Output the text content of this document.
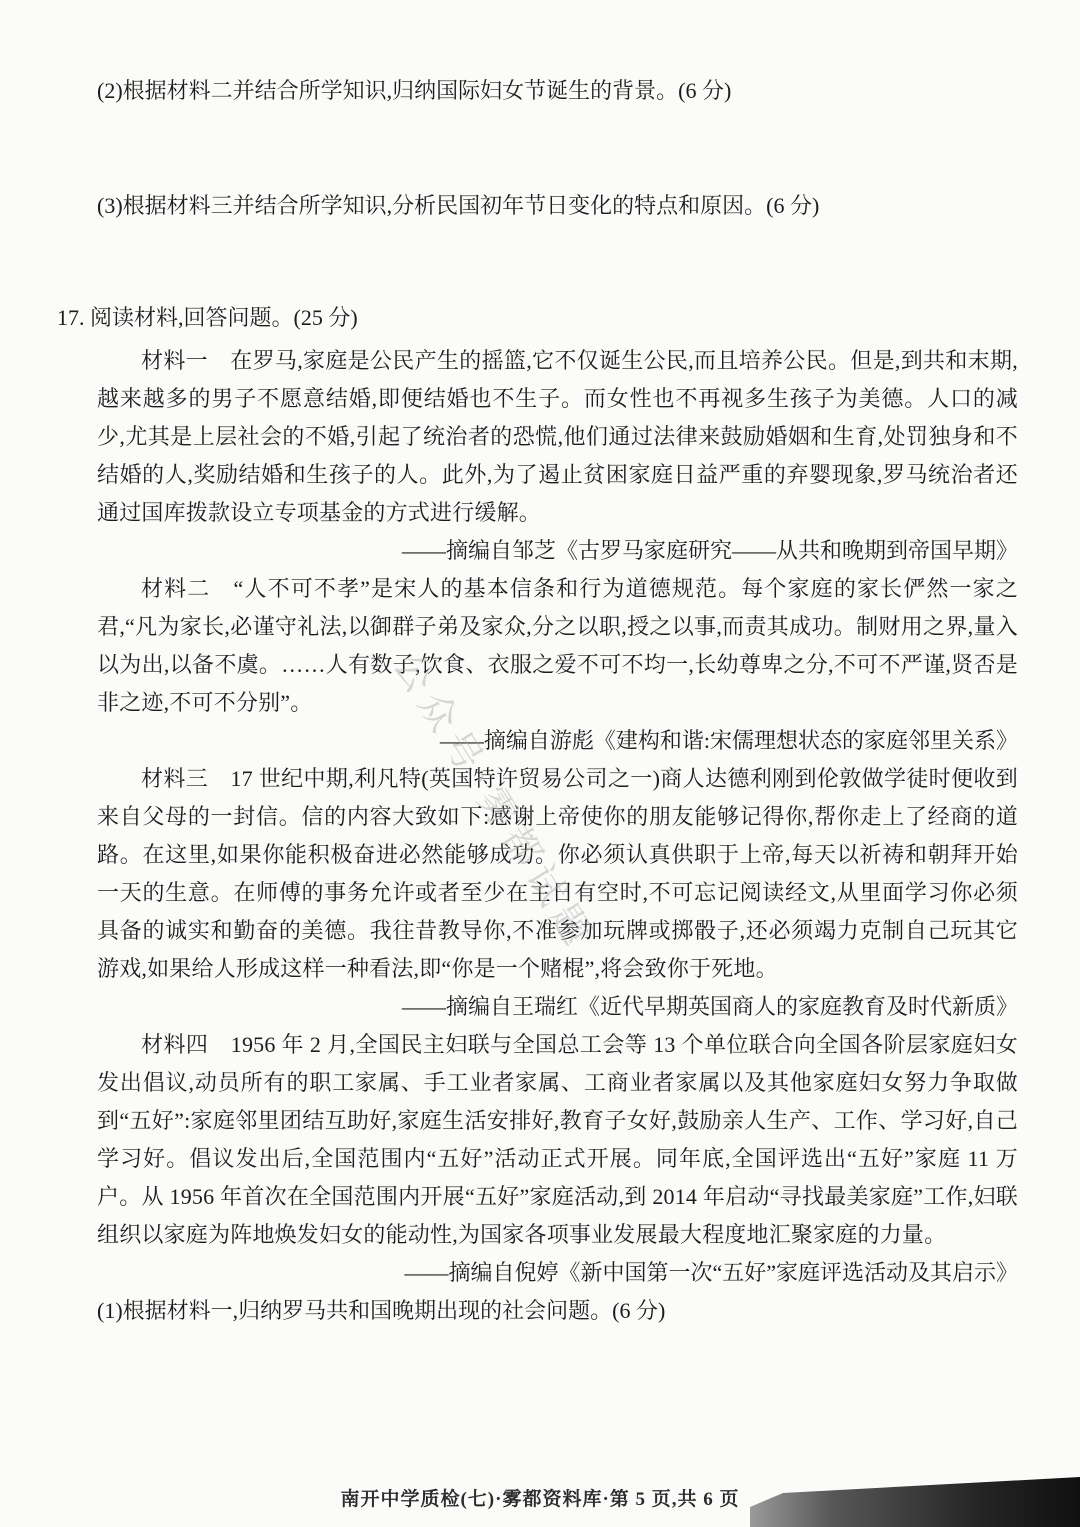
公众号·雾都试题

(2)根据材料二并结合所学知识,归纳国际妇女节诞生的背景。(6 分)

(3)根据材料三并结合所学知识,分析民国初年节日变化的特点和原因。(6 分)

17. 阅读材料,回答问题。(25 分)

材料一　在罗马,家庭是公民产生的摇篮,它不仅诞生公民,而且培养公民。但是,到共和末期,越来越多的男子不愿意结婚,即便结婚也不生子。而女性也不再视多生孩子为美德。人口的减少,尤其是上层社会的不婚,引起了统治者的恐慌,他们通过法律来鼓励婚姻和生育,处罚独身和不结婚的人,奖励结婚和生孩子的人。此外,为了遏止贫困家庭日益严重的弃婴现象,罗马统治者还通过国库拨款设立专项基金的方式进行缓解。

——摘编自邹芝《古罗马家庭研究——从共和晚期到帝国早期》

材料二　“人不可不孝”是宋人的基本信条和行为道德规范。每个家庭的家长俨然一家之君,“凡为家长,必谨守礼法,以御群子弟及家众,分之以职,授之以事,而责其成功。制财用之界,量入以为出,以备不虞。……人有数子,饮食、衣服之爱不可不均一,长幼尊卑之分,不可不严谨,贤否是非之迹,不可不分别”。

——摘编自游彪《建构和谐:宋儒理想状态的家庭邻里关系》

材料三　17 世纪中期,利凡特(英国特许贸易公司之一)商人达德利刚到伦敦做学徒时便收到来自父母的一封信。信的内容大致如下:感谢上帝使你的朋友能够记得你,帮你走上了经商的道路。在这里,如果你能积极奋进必然能够成功。你必须认真供职于上帝,每天以祈祷和朝拜开始一天的生意。在师傅的事务允许或者至少在主日有空时,不可忘记阅读经文,从里面学习你必须具备的诚实和勤奋的美德。我往昔教导你,不准参加玩牌或掷骰子,还必须竭力克制自己玩其它游戏,如果给人形成这样一种看法,即“你是一个赌棍”,将会致你于死地。

——摘编自王瑞红《近代早期英国商人的家庭教育及时代新质》

材料四　1956 年 2 月,全国民主妇联与全国总工会等 13 个单位联合向全国各阶层家庭妇女发出倡议,动员所有的职工家属、手工业者家属、工商业者家属以及其他家庭妇女努力争取做到“五好”:家庭邻里团结互助好,家庭生活安排好,教育子女好,鼓励亲人生产、工作、学习好,自己学习好。倡议发出后,全国范围内“五好”活动正式开展。同年底,全国评选出“五好”家庭 11 万户。从 1956 年首次在全国范围内开展“五好”家庭活动,到 2014 年启动“寻找最美家庭”工作,妇联组织以家庭为阵地焕发妇女的能动性,为国家各项事业发展最大程度地汇聚家庭的力量。

——摘编自倪婷《新中国第一次“五好”家庭评选活动及其启示》

(1)根据材料一,归纳罗马共和国晚期出现的社会问题。(6 分)

南开中学质检(七)·雾都资料库·第 5 页,共 6 页
